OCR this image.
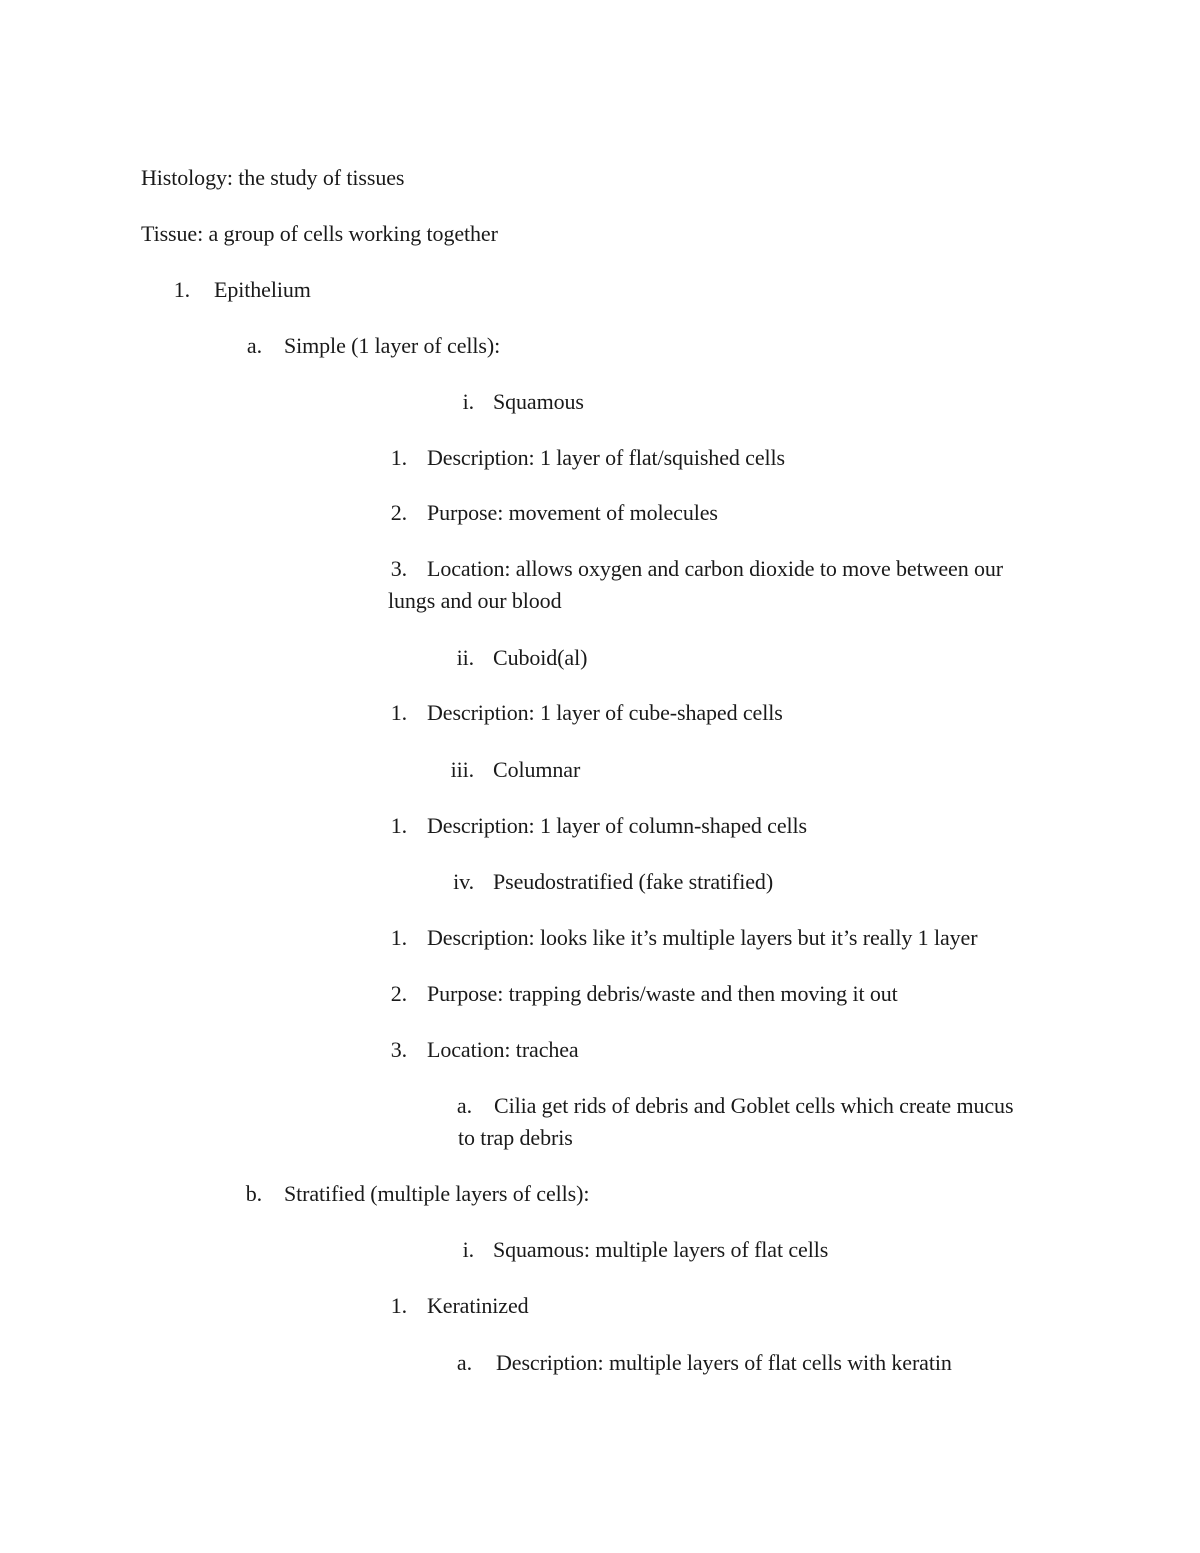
Histology: the study of tissues
Tissue: a group of cells working together
1. Epithelium
a. Simple (1 layer of cells):
i. Squamous
1. Description: 1 layer of flat/squished cells
2. Purpose: movement of molecules
3. Location: allows oxygen and carbon dioxide to move between our
lungs and our blood
ii. Cuboid(al)
1. Description: 1 layer of cube-shaped cells
iii. Columnar
1. Description: 1 layer of column-shaped cells
iv. Pseudostratified (fake stratified)
1. Description: looks like it’s multiple layers but it’s really 1 layer
2. Purpose: trapping debris/waste and then moving it out
3. Location: trachea
a. Cilia get rids of debris and Goblet cells which create mucus
to trap debris
b. Stratified (multiple layers of cells):
i. Squamous: multiple layers of flat cells
1. Keratinized
a. Description: multiple layers of flat cells with keratin
